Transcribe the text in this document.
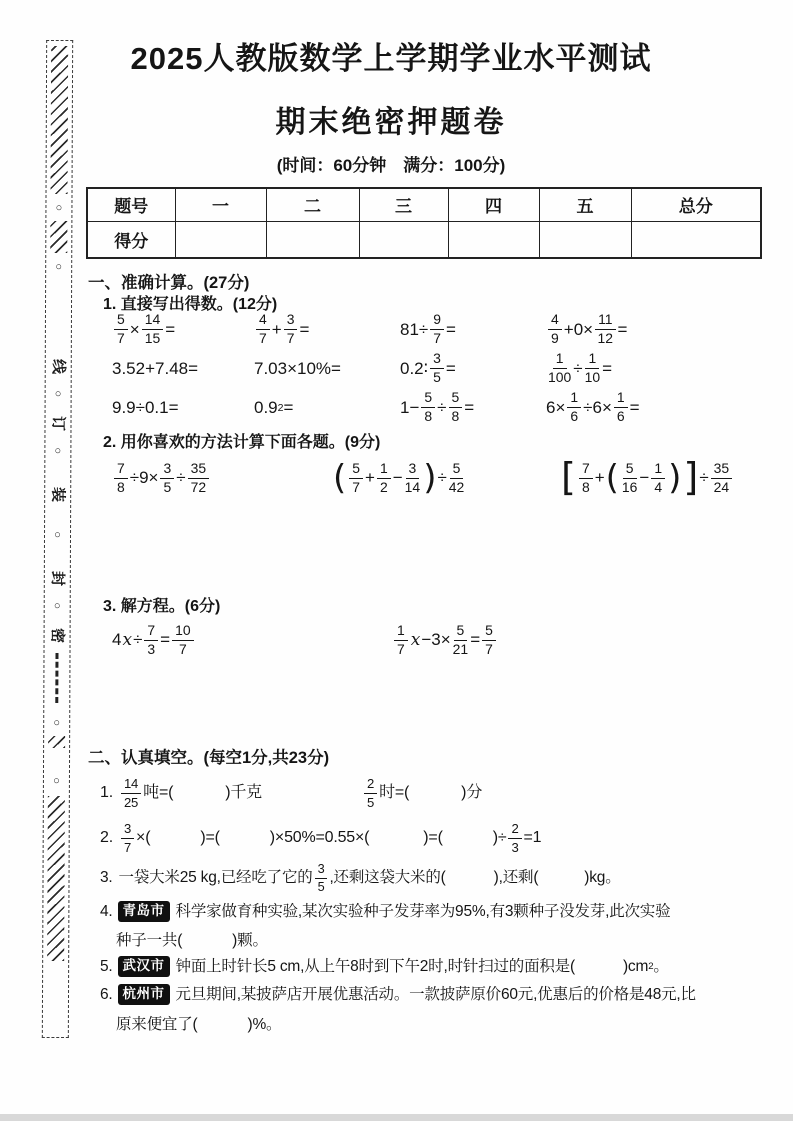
○
○
线
○
订
○
装
○
封
○
密
○
○
2025人教版数学上学期学业水平测试
期末绝密押题卷
(时间：60分钟　满分：100分)
题号	一	二	三	四	五	总分
得分						
一、准确计算。(27分)
1. 直接写出得数。(12分)
$\frac{5}{7} \times \frac{14}{15}$ =	$\frac{4}{7} + \frac{3}{7}$ =	$81\div \frac{9}{7}$ =	$\frac{4}{9} +0\times \frac{11}{12}$ =
3.52+7.48=	7.03×10%=	0.2∶ $\frac{3}{5}$ =	$\frac{1}{100} \div \frac{1}{10}$ =
9.9÷0.1=	0.9 2 =	$1- \frac{5}{8} \div \frac{5}{8}$ =	$6\times \frac{1}{6} \div 6\times \frac{1}{6}$ =
2. 用你喜欢的方法计算下面各题。(9分)
$\frac{7}{8} \div 9\times \frac{3}{5} \div \frac{35}{72}$	( $\frac{5}{7} + \frac{1}{2} - \frac{3}{14}$ ) ÷ $\frac{5}{42}$	[ $\frac{7}{8}$ + ( $\frac{5}{16} - \frac{1}{4}$ ) ] ÷ $\frac{35}{24}$
3. 解方程。(6分)
4 $x \div \frac{7}{3} = \frac{10}{7}$	$\frac{1}{7}$ $x -3\times \frac{5}{21} = \frac{5}{7}$
二、认真填空。(每空1分,共23分)
1. $\frac{14}{25}$ 吨= (	) 千克	$\frac{2}{5}$ 时= (	) 分
2. $\frac{3}{7}$ × (	) = (	) ×50%=0.55× (	) = (	) ÷ $\frac{2}{3} =1$
3. 一袋大米25 kg,已经吃了它的 $\frac{3}{5}$ ,还剩这袋大米的 (	) ,还剩 (	) kg。
4. 青岛市 科学家做育种实验,某次实验种子发芽率为95%,有3颗种子没发芽,此次实验
种子一共 (	) 颗。
5. 武汉市 钟面上时针长5 cm,从上午8时到下午2时,时针扫过的面积是 (	) cm 2 。
6. 杭州市 元旦期间,某披萨店开展优惠活动。一款披萨原价60元,优惠后的价格是48元,比
原来便宜了 (	) %。
